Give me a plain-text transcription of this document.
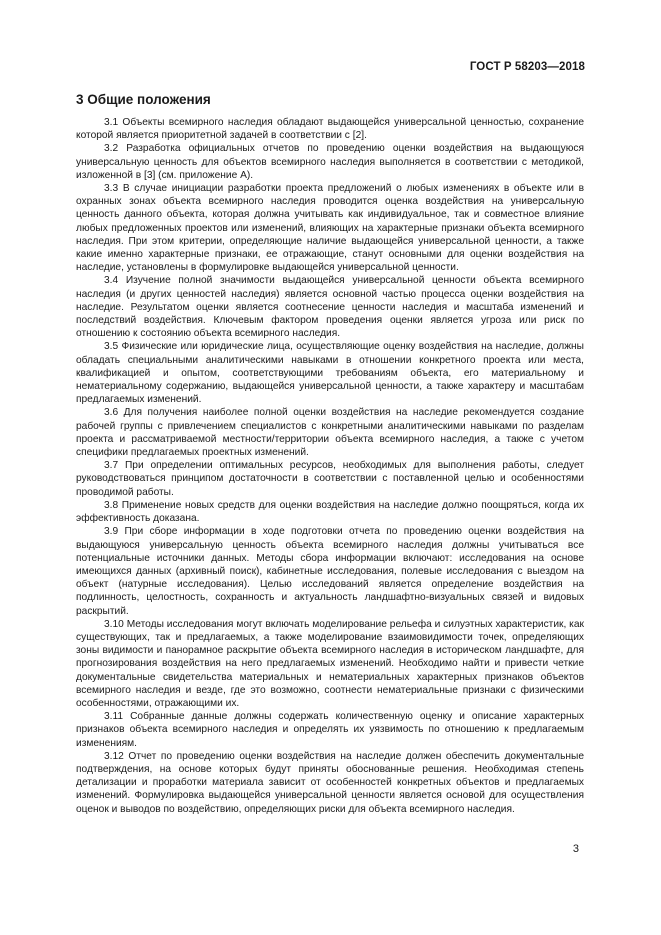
ГОСТ Р 58203—2018
3 Общие положения

3.1 Объекты всемирного наследия обладают выдающейся универсальной ценностью, сохранение которой является приоритетной задачей в соответствии с [2].

3.2 Разработка официальных отчетов по проведению оценки воздействия на выдающуюся универсальную ценность для объектов всемирного наследия выполняется в соответствии с методикой, изложенной в [3] (см. приложение А).

3.3 В случае инициации разработки проекта предложений о любых изменениях в объекте или в охранных зонах объекта всемирного наследия проводится оценка воздействия на универсальную ценность данного объекта, которая должна учитывать как индивидуальное, так и совместное влияние любых предложенных проектов или изменений, влияющих на характерные признаки объекта всемирного наследия. При этом критерии, определяющие наличие выдающейся универсальной ценности, а также какие именно характерные признаки, ее отражающие, станут основными для оценки воздействия на наследие, установлены в формулировке выдающейся универсальной ценности.

3.4 Изучение полной значимости выдающейся универсальной ценности объекта всемирного наследия (и других ценностей наследия) является основной частью процесса оценки воздействия на наследие. Результатом оценки является соотнесение ценности наследия и масштаба изменений и последствий воздействия. Ключевым фактором проведения оценки является угроза или риск по отношению к состоянию объекта всемирного наследия.

3.5 Физические или юридические лица, осуществляющие оценку воздействия на наследие, должны обладать специальными аналитическими навыками в отношении конкретного проекта или места, квалификацией и опытом, соответствующими требованиям объекта, его материальному и нематериальному содержанию, выдающейся универсальной ценности, а также характеру и масштабам предлагаемых изменений.

3.6 Для получения наиболее полной оценки воздействия на наследие рекомендуется создание рабочей группы с привлечением специалистов с конкретными аналитическими навыками по разделам проекта и рассматриваемой местности/территории объекта всемирного наследия, а также с учетом специфики предлагаемых проектных изменений.

3.7 При определении оптимальных ресурсов, необходимых для выполнения работы, следует руководствоваться принципом достаточности в соответствии с поставленной целью и особенностями проводимой работы.

3.8 Применение новых средств для оценки воздействия на наследие должно поощряться, когда их эффективность доказана.

3.9 При сборе информации в ходе подготовки отчета по проведению оценки воздействия на выдающуюся универсальную ценность объекта всемирного наследия должны учитываться все потенциальные источники данных. Методы сбора информации включают: исследования на основе имеющихся данных (архивный поиск), кабинетные исследования, полевые исследования с выездом на объект (натурные исследования). Целью исследований является определение воздействия на подлинность, целостность, сохранность и актуальность ландшафтно-визуальных связей и видовых раскрытий.

3.10 Методы исследования могут включать моделирование рельефа и силуэтных характеристик, как существующих, так и предлагаемых, а также моделирование взаимовидимости точек, определяющих зоны видимости и панорамное раскрытие объекта всемирного наследия в историческом ландшафте, для прогнозирования воздействия на него предлагаемых изменений. Необходимо найти и привести четкие документальные свидетельства материальных и нематериальных характерных признаков объектов всемирного наследия и везде, где это возможно, соотнести нематериальные признаки с физическими особенностями, отражающими их.

3.11 Собранные данные должны содержать количественную оценку и описание характерных признаков объекта всемирного наследия и определять их уязвимость по отношению к предлагаемым изменениям.

3.12 Отчет по проведению оценки воздействия на наследие должен обеспечить документальные подтверждения, на основе которых будут приняты обоснованные решения. Необходимая степень детализации и проработки материала зависит от особенностей конкретных объектов и предлагаемых изменений. Формулировка выдающейся универсальной ценности является основой для осуществления оценок и выводов по воздействию, определяющих риски для объекта всемирного наследия.

3
